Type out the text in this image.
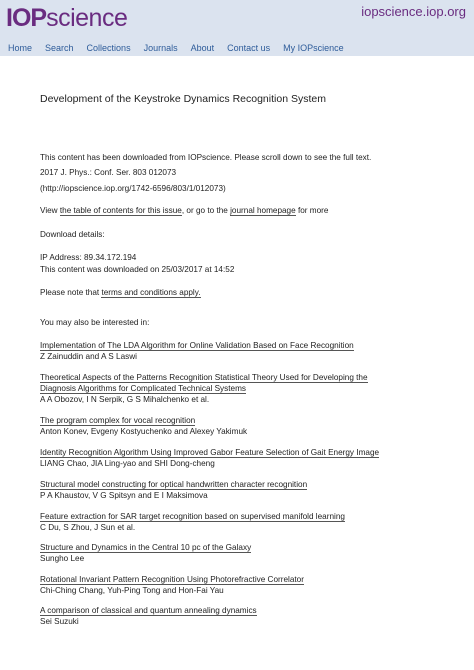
IOP science	iopscience.iop.org
Home Search Collections Journals About Contact us My IOPscience
Development of the Keystroke Dynamics Recognition System
This content has been downloaded from IOPscience. Please scroll down to see the full text.
2017 J. Phys.: Conf. Ser. 803 012073
(http://iopscience.iop.org/1742-6596/803/1/012073)
View the table of contents for this issue, or go to the journal homepage for more
Download details:
IP Address: 89.34.172.194
This content was downloaded on 25/03/2017 at 14:52
Please note that terms and conditions apply.
You may also be interested in:
Implementation of The LDA Algorithm for Online Validation Based on Face Recognition
Z Zainuddin and A S Laswi
Theoretical Aspects of the Patterns Recognition Statistical Theory Used for Developing the
Diagnosis Algorithms for Complicated Technical Systems
A A Obozov, I N Serpik, G S Mihalchenko et al.
The program complex for vocal recognition
Anton Konev, Evgeny Kostyuchenko and Alexey Yakimuk
Identity Recognition Algorithm Using Improved Gabor Feature Selection of Gait Energy Image
LIANG Chao, JIA Ling-yao and SHI Dong-cheng
Structural model constructing for optical handwritten character recognition
P A Khaustov, V G Spitsyn and E I Maksimova
Feature extraction for SAR target recognition based on supervised manifold learning
C Du, S Zhou, J Sun et al.
Structure and Dynamics in the Central 10 pc of the Galaxy
Sungho Lee
Rotational Invariant Pattern Recognition Using Photorefractive Correlator
Chi-Ching Chang, Yuh-Ping Tong and Hon-Fai Yau
A comparison of classical and quantum annealing dynamics
Sei Suzuki
